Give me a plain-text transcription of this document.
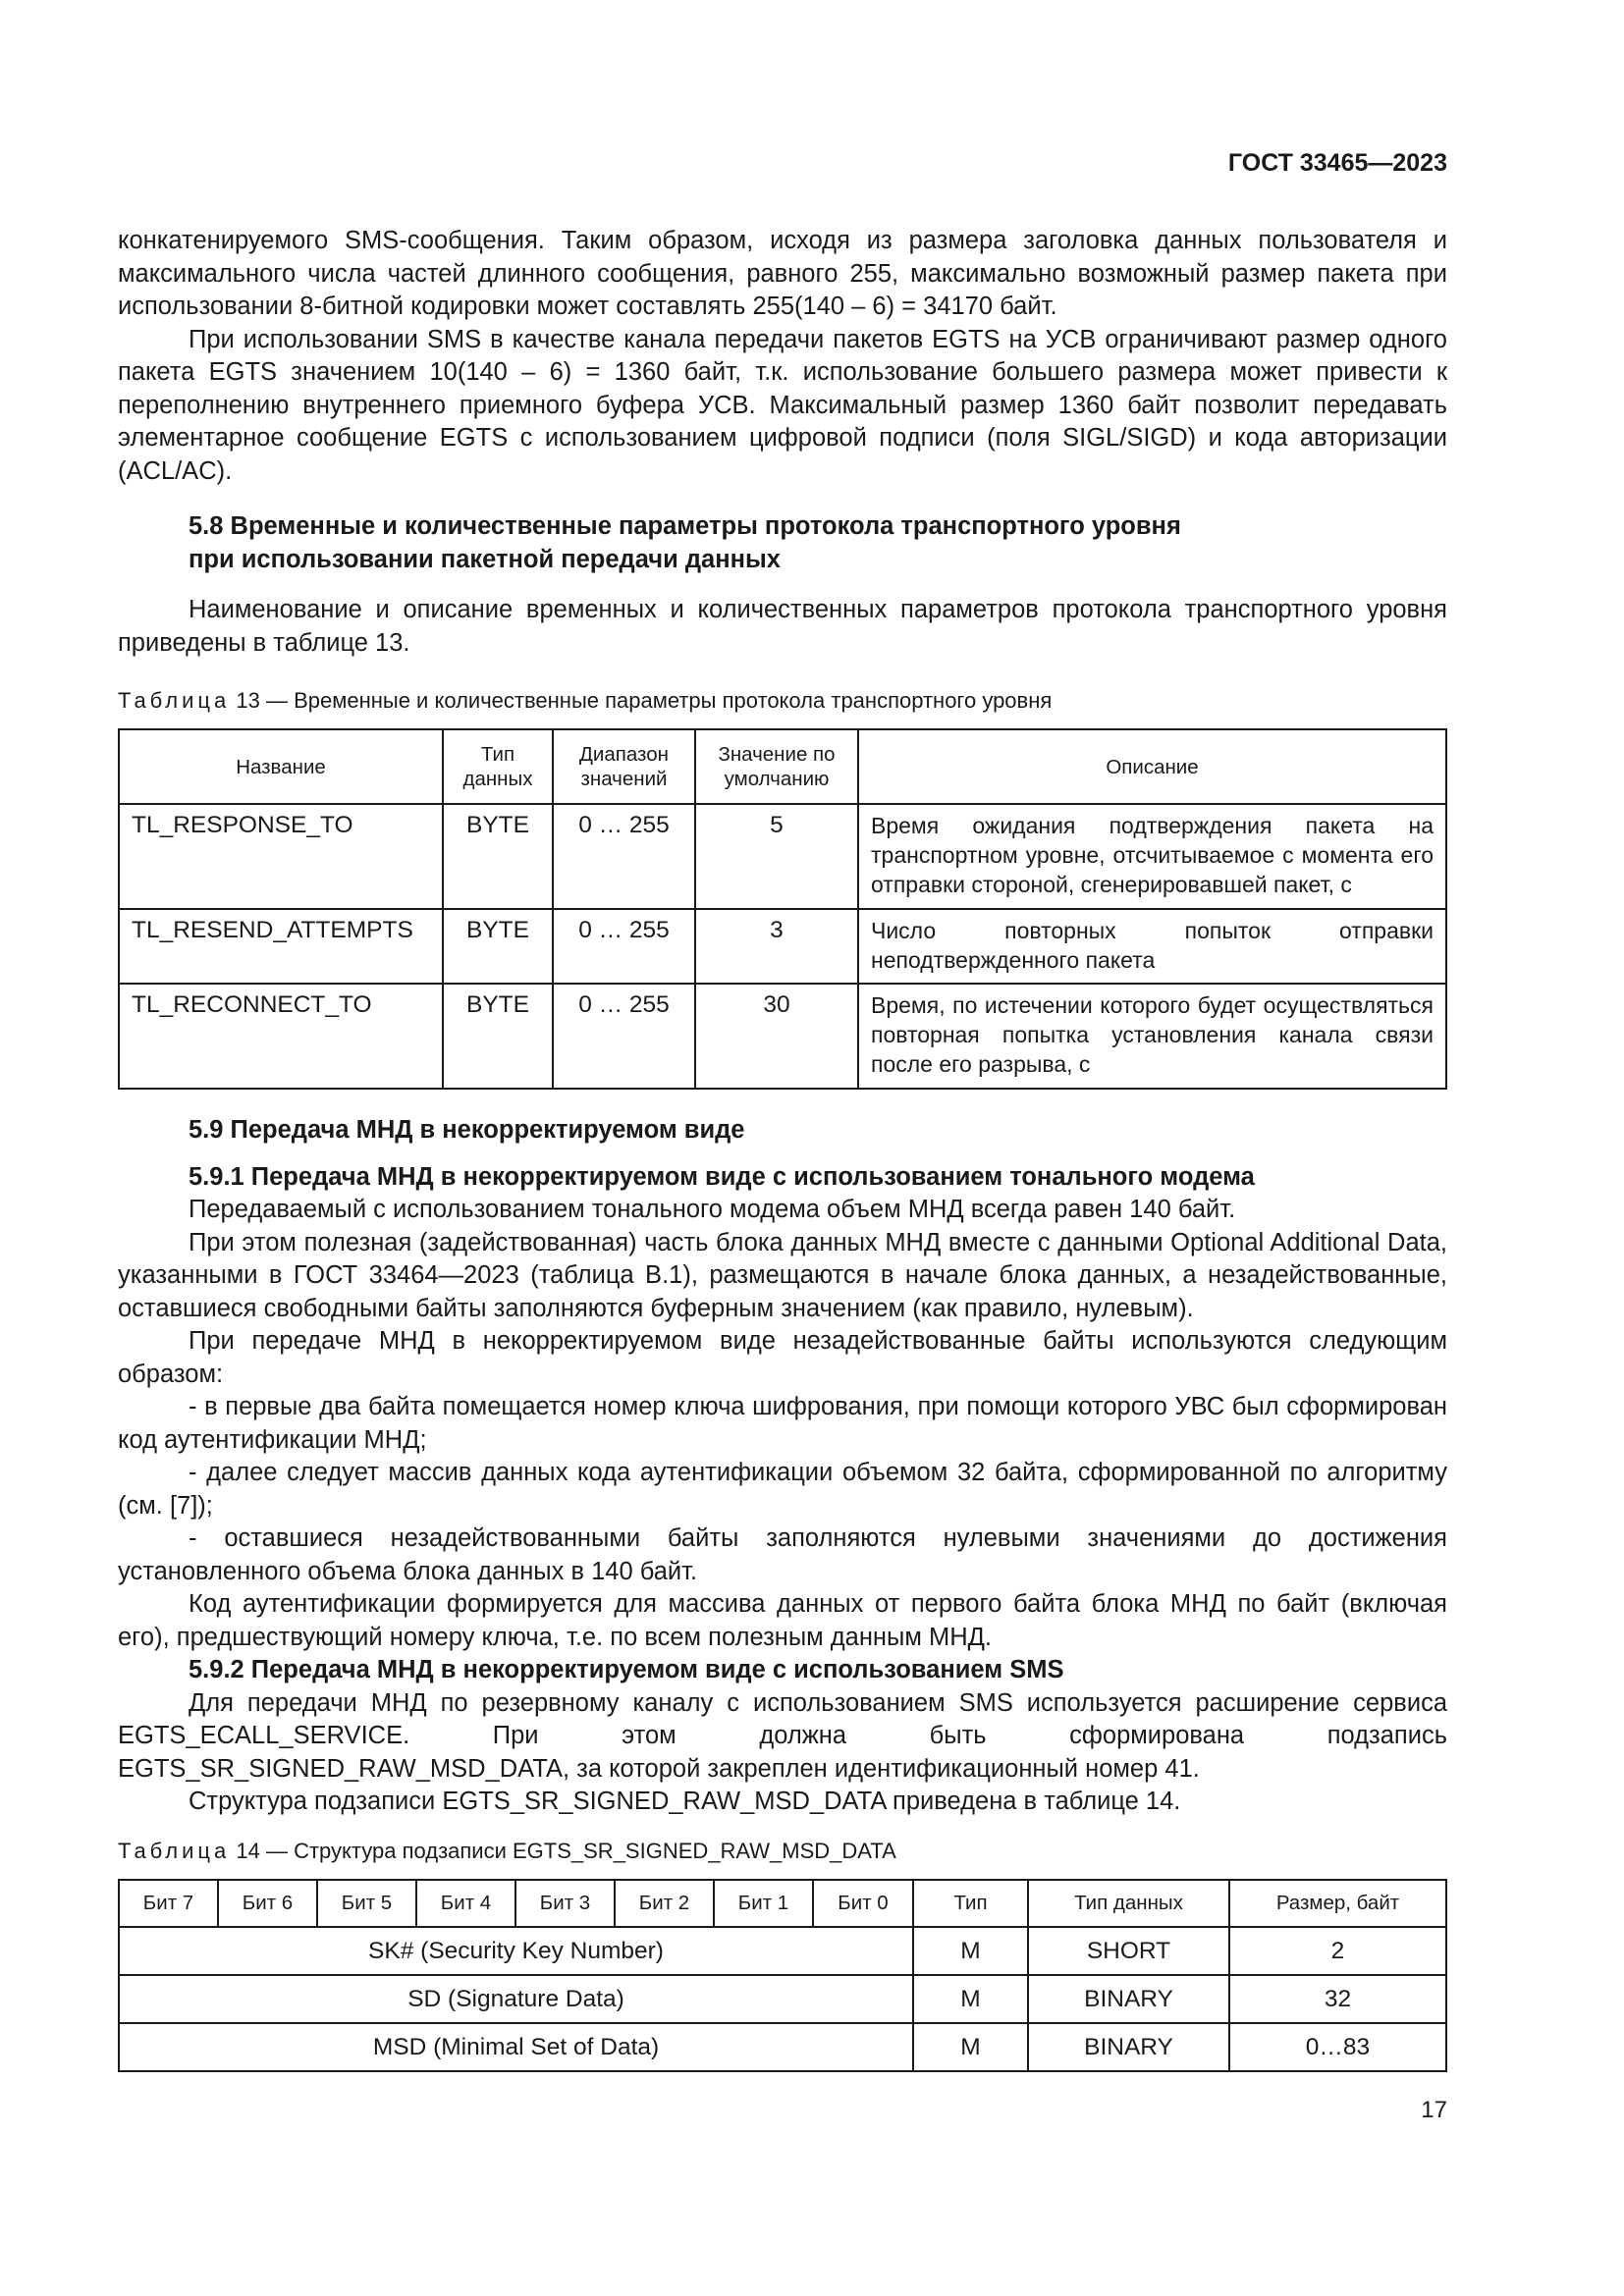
ГОСТ 33465—2023

конкатенируемого SMS-сообщения. Таким образом, исходя из размера заголовка данных пользователя и максимального числа частей длинного сообщения, равного 255, максимально возможный размер пакета при использовании 8-битной кодировки может составлять 255(140 – 6) = 34170 байт.

При использовании SMS в качестве канала передачи пакетов EGTS на УСВ ограничивают размер одного пакета EGTS значением 10(140 – 6) = 1360 байт, т.к. использование большего размера может привести к переполнению внутреннего приемного буфера УСВ. Максимальный размер 1360 байт позволит передавать элементарное сообщение EGTS с использованием цифровой подписи (поля SIGL/SIGD) и кода авторизации (ACL/AC).

5.8 Временные и количественные параметры протокола транспортного уровня

при использовании пакетной передачи данных

Наименование и описание временных и количественных параметров протокола транспортного уровня приведены в таблице 13.

Таблица 13 — Временные и количественные параметры протокола транспортного уровня

Название	Тип данных	Диапазон значений	Значение по умолчанию	Описание
TL_RESPONSE_TO	BYTE	0 … 255	5	Время ожидания подтверждения пакета на транспортном уровне, отсчитываемое с момента его отправки стороной, сгенерировавшей пакет, с
TL_RESEND_ATTEMPTS	BYTE	0 … 255	3	Число повторных попыток отправки неподтвержденного пакета
TL_RECONNECT_TO	BYTE	0 … 255	30	Время, по истечении которого будет осуществляться повторная попытка установления канала связи после его разрыва, с

5.9 Передача МНД в некорректируемом виде

5.9.1 Передача МНД в некорректируемом виде с использованием тонального модема

Передаваемый с использованием тонального модема объем МНД всегда равен 140 байт.

При этом полезная (задействованная) часть блока данных МНД вместе с данными Optional Additional Data, указанными в ГОСТ 33464—2023 (таблица В.1), размещаются в начале блока данных, а незадействованные, оставшиеся свободными байты заполняются буферным значением (как правило, нулевым).

При передаче МНД в некорректируемом виде незадействованные байты используются следующим образом:

- в первые два байта помещается номер ключа шифрования, при помощи которого УВС был сформирован код аутентификации МНД;

- далее следует массив данных кода аутентификации объемом 32 байта, сформированной по алгоритму (см. [7]);

- оставшиеся незадействованными байты заполняются нулевыми значениями до достижения установленного объема блока данных в 140 байт.

Код аутентификации формируется для массива данных от первого байта блока МНД по байт (включая его), предшествующий номеру ключа, т.е. по всем полезным данным МНД.

5.9.2 Передача МНД в некорректируемом виде с использованием SMS

Для передачи МНД по резервному каналу с использованием SMS используется расширение сервиса EGTS_ECALL_SERVICE. При этом должна быть сформирована подзапись EGTS_SR_SIGNED_RAW_MSD_DATA, за которой закреплен идентификационный номер 41.

Структура подзаписи EGTS_SR_SIGNED_RAW_MSD_DATA приведена в таблице 14.

Таблица 14 — Структура подзаписи EGTS_SR_SIGNED_RAW_MSD_DATA

Бит 7	Бит 6	Бит 5	Бит 4	Бит 3	Бит 2	Бит 1	Бит 0	Тип	Тип данных	Размер, байт
SK# (Security Key Number)								M	SHORT	2
SD (Signature Data)								M	BINARY	32
MSD (Minimal Set of Data)								M	BINARY	0…83
17
